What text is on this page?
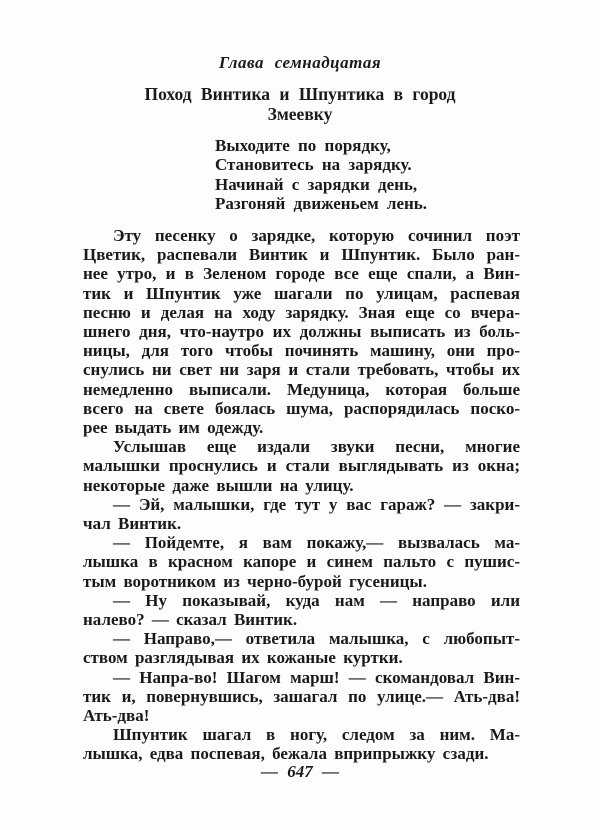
Глава семнадцатая
Поход Винтика и Шпунтика в город
Змеевку
Выходите по порядку,
Становитесь на зарядку.
Начинай с зарядки день,
Разгоняй движеньем лень.
Эту песенку о зарядке, которую сочинил поэт
Цветик, распевали Винтик и Шпунтик. Было ран-
нее утро, и в Зеленом городе все еще спали, а Вин-
тик и Шпунтик уже шагали по улицам, распевая
песню и делая на ходу зарядку. Зная еще со вчера-
шнего дня, что-наутро их должны выписать из боль-
ницы, для того чтобы починять машину, они про-
снулись ни свет ни заря и стали требовать, чтобы их
немедленно выписали. Медуница, которая больше
всего на свете боялась шума, распорядилась поско-
рее выдать им одежду.
Услышав еще издали звуки песни, многие
малышки проснулись и стали выглядывать из окна;
некоторые даже вышли на улицу.
— Эй, малышки, где тут у вас гараж? — закри-
чал Винтик.
— Пойдемте, я вам покажу,— вызвалась ма-
лышка в красном капоре и синем пальто с пушис-
тым воротником из черно-бурой гусеницы.
— Ну показывай, куда нам — направо или
налево? — сказал Винтик.
— Направо,— ответила малышка, с любопыт-
ством разглядывая их кожаные куртки.
— Напра-во! Шагом марш! — скомандовал Вин-
тик и, повернувшись, зашагал по улице.— Ать-два!
Ать-два!
Шпунтик шагал в ногу, следом за ним. Ма-
лышка, едва поспевая, бежала вприпрыжку сзади.
— 647 —
